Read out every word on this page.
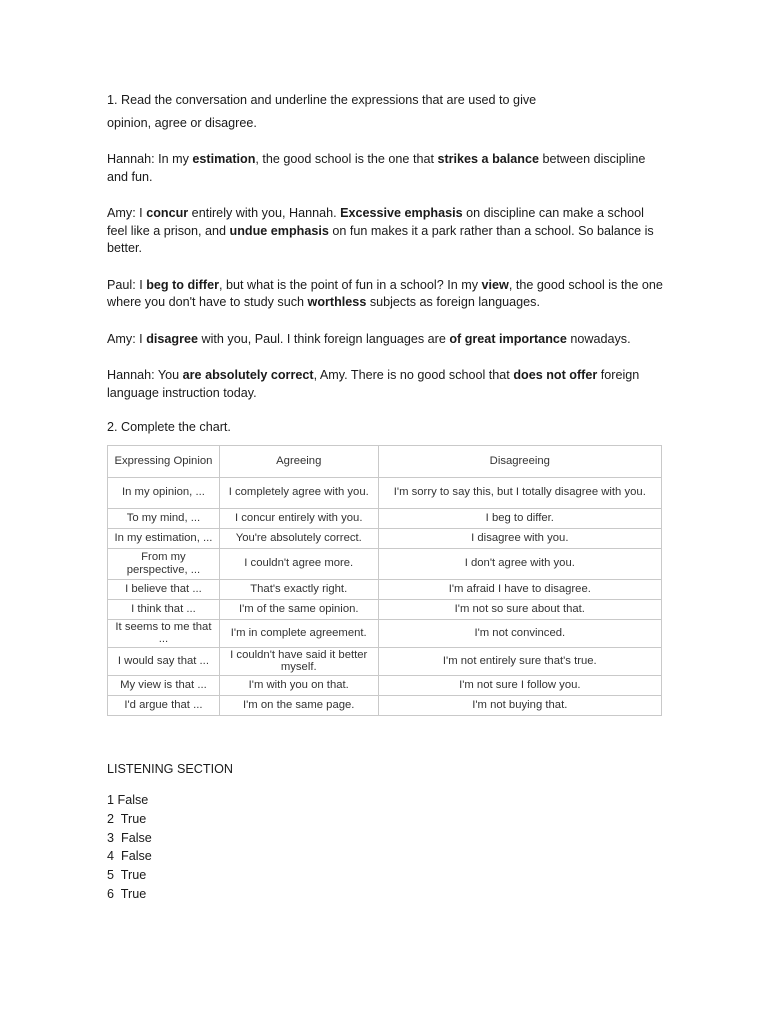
1. Read the conversation and underline the expressions that are used to give

opinion, agree or disagree.

Hannah: In my estimation, the good school is the one that strikes a balance between discipline and fun.

Amy: I concur entirely with you, Hannah. Excessive emphasis on discipline can make a school feel like a prison, and undue emphasis on fun makes it a park rather than a school. So balance is better.

Paul: I beg to differ, but what is the point of fun in a school? In my view, the good school is the one where you don't have to study such worthless subjects as foreign languages.

Amy: I disagree with you, Paul. I think foreign languages are of great importance nowadays.

Hannah: You are absolutely correct, Amy. There is no good school that does not offer foreign language instruction today.

2. Complete the chart.

Expressing Opinion	Agreeing	Disagreeing
In my opinion, ...	I completely agree with you.	I'm sorry to say this, but I totally disagree with you.
To my mind, ...	I concur entirely with you.	I beg to differ.
In my estimation, ...	You're absolutely correct.	I disagree with you.
From my perspective, ...	I couldn't agree more.	I don't agree with you.
I believe that ...	That's exactly right.	I'm afraid I have to disagree.
I think that ...	I'm of the same opinion.	I'm not so sure about that.
It seems to me that ...	I'm in complete agreement.	I'm not convinced.
I would say that ...	I couldn't have said it better myself.	I'm not entirely sure that's true.
My view is that ...	I'm with you on that.	I'm not sure I follow you.
I'd argue that ...	I'm on the same page.	I'm not buying that.

LISTENING SECTION

1 False
2  True
3  False
4  False
5  True
6  True
